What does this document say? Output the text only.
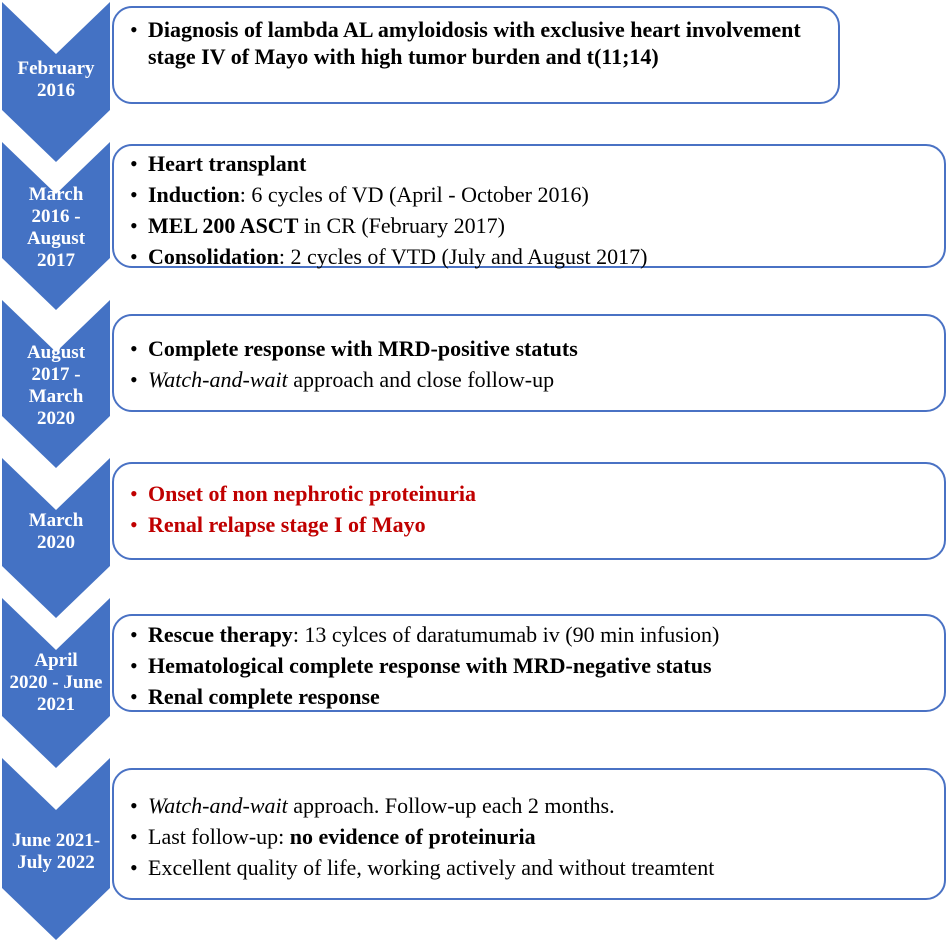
February
2016
• Diagnosis of lambda AL amyloidosis with exclusive heart involvement stage IV of Mayo with high tumor burden and t(11;14)
March
2016 -
August
2017
• Heart transplant
• Induction: 6 cycles of VD (April - October 2016)
• MEL 200 ASCT in CR (February 2017)
• Consolidation: 2 cycles of VTD (July and August 2017)
August
2017 -
March
2020
• Complete response with MRD-positive statuts
• Watch-and-wait approach and close follow-up
March
2020
• Onset of non nephrotic proteinuria
• Renal relapse stage I of Mayo
April
2020 - June
2021
• Rescue therapy: 13 cylces of daratumumab iv (90 min infusion)
• Hematological complete response with MRD-negative status
• Renal complete response
June 2021-
July 2022
• Watch-and-wait approach. Follow-up each 2 months.
• Last follow-up: no evidence of proteinuria
• Excellent quality of life, working actively and without treamtent
